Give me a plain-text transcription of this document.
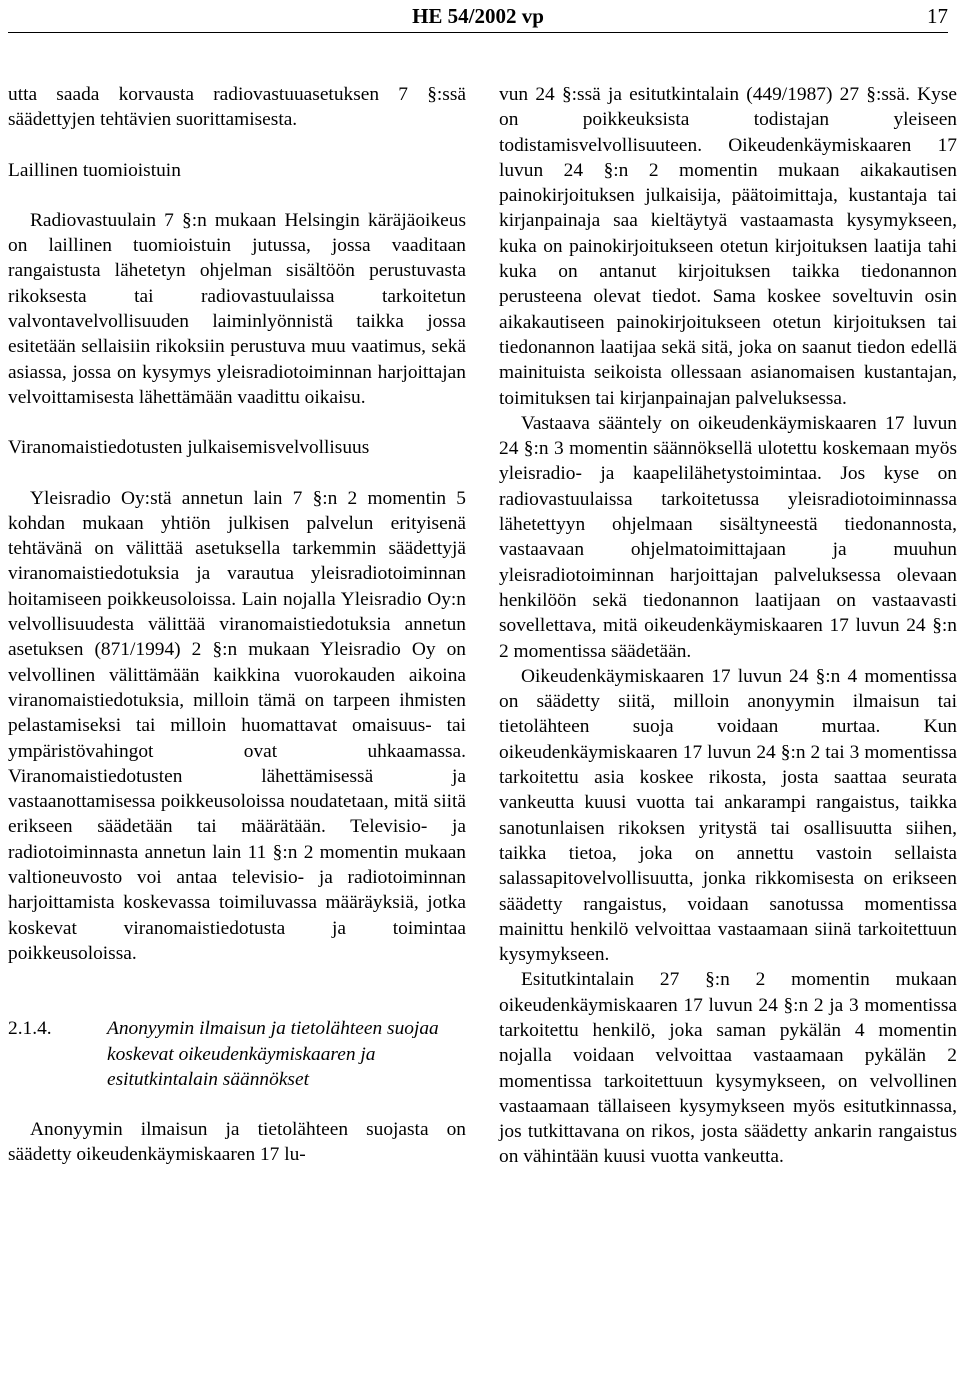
HE 54/2002 vp	17

utta saada korvausta radiovastuuasetuksen 7 §:ssä säädettyjen tehtävien suorittamisesta.

Laillinen tuomioistuin

Radiovastuulain 7 §:n mukaan Helsingin käräjäoikeus on laillinen tuomioistuin jutussa, jossa vaaditaan rangaistusta lähetetyn ohjelman sisältöön perustuvasta rikoksesta tai radiovastuulaissa tarkoitetun valvontavelvollisuuden laiminlyönnistä taikka jossa esitetään sellaisiin rikoksiin perustuva muu vaatimus, sekä asiassa, jossa on kysymys yleisradiotoiminnan harjoittajan velvoittamisesta lähettämään vaadittu oikaisu.

Viranomaistiedotusten julkaisemisvelvollisuus

Yleisradio Oy:stä annetun lain 7 §:n 2 momentin 5 kohdan mukaan yhtiön julkisen palvelun erityisenä tehtävänä on välittää asetuksella tarkemmin säädettyjä viranomaistiedotuksia ja varautua yleisradiotoiminnan hoitamiseen poikkeusoloissa. Lain nojalla Yleisradio Oy:n velvollisuudesta välittää viranomaistiedotuksia annetun asetuksen (871/1994) 2 §:n mukaan Yleisradio Oy on velvollinen välittämään kaikkina vuorokauden aikoina viranomaistiedotuksia, milloin tämä on tarpeen ihmisten pelastamiseksi tai milloin huomattavat omaisuus- tai ympäristövahingot ovat uhkaamassa. Viranomaistiedotusten lähettämisessä ja vastaanottamisessa poikkeusoloissa noudatetaan, mitä siitä erikseen säädetään tai määrätään. Televisio- ja radiotoiminnasta annetun lain 11 §:n 2 momentin mukaan valtioneuvosto voi antaa televisio- ja radiotoiminnan harjoittamista koskevassa toimiluvassa määräyksiä, jotka koskevat viranomaistiedotusta ja toimintaa poikkeusoloissa.

2.1.4.	Anonyymin ilmaisun ja tietolähteen suojaa koskevat oikeudenkäymiskaaren ja esitutkintalain säännökset

Anonyymin ilmaisun ja tietolähteen suojasta on säädetty oikeudenkäymiskaaren 17 lu-

vun 24 §:ssä ja esitutkintalain (449/1987) 27 §:ssä. Kyse on poikkeuksista todistajan yleiseen todistamisvelvollisuuteen. Oikeudenkäymiskaaren 17 luvun 24 §:n 2 momentin mukaan aikakautisen painokirjoituksen julkaisija, päätoimittaja, kustantaja tai kirjanpainaja saa kieltäytyä vastaamasta kysymykseen, kuka on painokirjoitukseen otetun kirjoituksen laatija tahi kuka on antanut kirjoituksen taikka tiedonannon perusteena olevat tiedot. Sama koskee soveltuvin osin aikakautiseen painokirjoitukseen otetun kirjoituksen tai tiedonannon laatijaa sekä sitä, joka on saanut tiedon edellä mainituista seikoista ollessaan asianomaisen kustantajan, toimituksen tai kirjanpainajan palveluksessa.

Vastaava sääntely on oikeudenkäymiskaaren 17 luvun 24 §:n 3 momentin säännöksellä ulotettu koskemaan myös yleisradio- ja kaapelilähetystoimintaa. Jos kyse on radiovastuulaissa tarkoitetussa yleisradiotoiminnassa lähetettyyn ohjelmaan sisältyneestä tiedonannosta, vastaavaan ohjelmatoimittajaan ja muuhun yleisradiotoiminnan harjoittajan palveluksessa olevaan henkilöön sekä tiedonannon laatijaan on vastaavasti sovellettava, mitä oikeudenkäymiskaaren 17 luvun 24 §:n 2 momentissa säädetään.

Oikeudenkäymiskaaren 17 luvun 24 §:n 4 momentissa on säädetty siitä, milloin anonyymin ilmaisun tai tietolähteen suoja voidaan murtaa. Kun oikeudenkäymiskaaren 17 luvun 24 §:n 2 tai 3 momentissa tarkoitettu asia koskee rikosta, josta saattaa seurata vankeutta kuusi vuotta tai ankarampi rangaistus, taikka sanotunlaisen rikoksen yritystä tai osallisuutta siihen, taikka tietoa, joka on annettu vastoin sellaista salassapitovelvollisuutta, jonka rikkomisesta on erikseen säädetty rangaistus, voidaan sanotussa momentissa mainittu henkilö velvoittaa vastaamaan siinä tarkoitettuun kysymykseen.

Esitutkintalain 27 §:n 2 momentin mukaan oikeudenkäymiskaaren 17 luvun 24 §:n 2 ja 3 momentissa tarkoitettu henkilö, joka saman pykälän 4 momentin nojalla voidaan velvoittaa vastaamaan pykälän 2 momentissa tarkoitettuun kysymykseen, on velvollinen vastaamaan tällaiseen kysymykseen myös esitutkinnassa, jos tutkittavana on rikos, josta säädetty ankarin rangaistus on vähintään kuusi vuotta vankeutta.
